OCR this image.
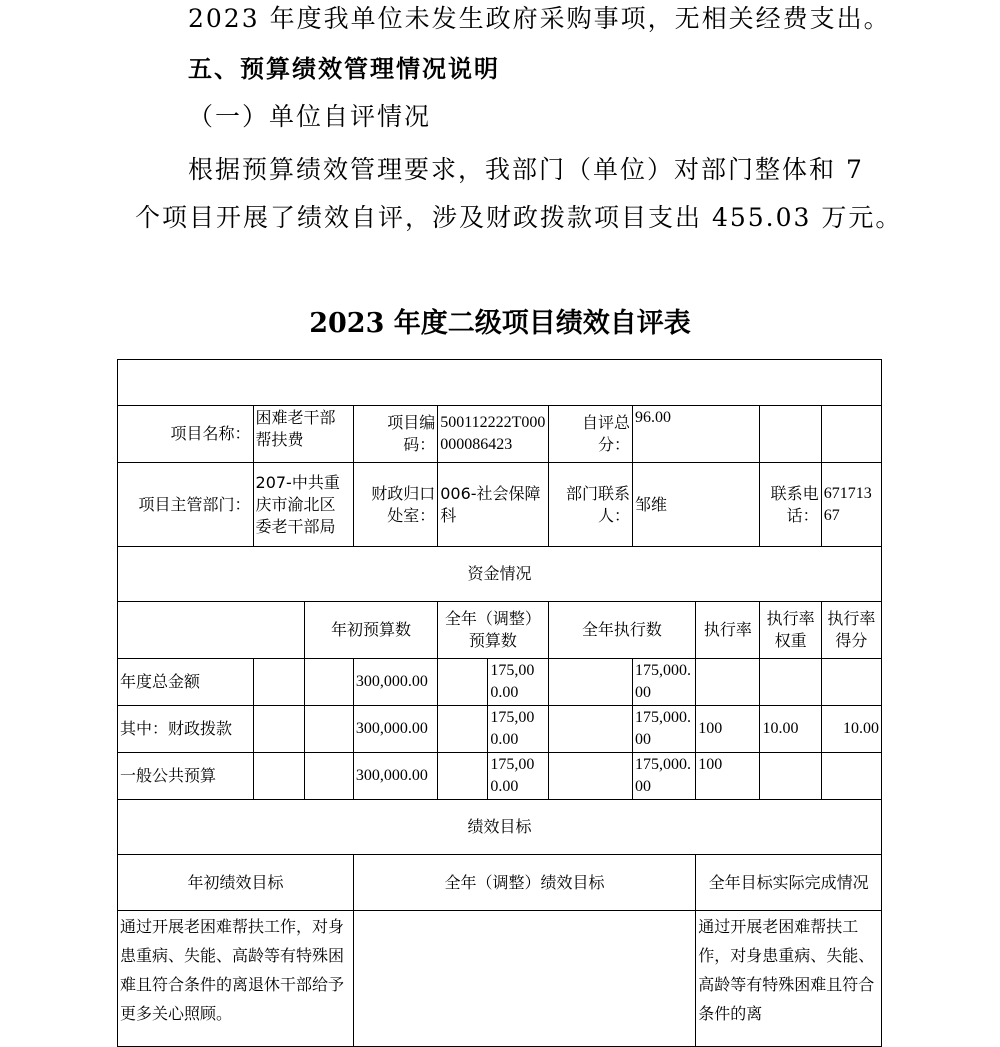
2023 年度我单位未发生政府采购事项，无相关经费支出。
五、预算绩效管理情况说明
（一）单位自评情况
根据预算绩效管理要求，我部门（单位）对部门整体和 7
个项目开展了绩效自评，涉及财政拨款项目支出 455.03 万元。
2023 年度二级项目绩效自评表

项目名称：	困难老干部帮扶费		项目编码：	500112222T000000086423		自评总分：	96.00			
项目主管部门：	207-中共重庆市渝北区委老干部局		财政归口处室：	006-社会保障科		部门联系人：	邹维		联系电话：	67171367
资金情况										
		年初预算数		全年（调整）预算数		全年执行数		执行率	执行率权重	执行率得分
年度总金额			300,000.00		175,000.00		175,000.00			
其中：财政拨款			300,000.00		175,000.00		175,000.00	100	10.00	10.00
一般公共预算			300,000.00		175,000.00		175,000.00	100		
绩效目标										
年初绩效目标			全年（调整）绩效目标					全年目标实际完成情况		
通过开展老困难帮扶工作，对身患重病、失能、高龄等有特殊困难且符合条件的离退休干部给予更多关心照顾。								通过开展老困难帮扶工作，对身患重病、失能、高龄等有特殊困难且符合条件的离		
